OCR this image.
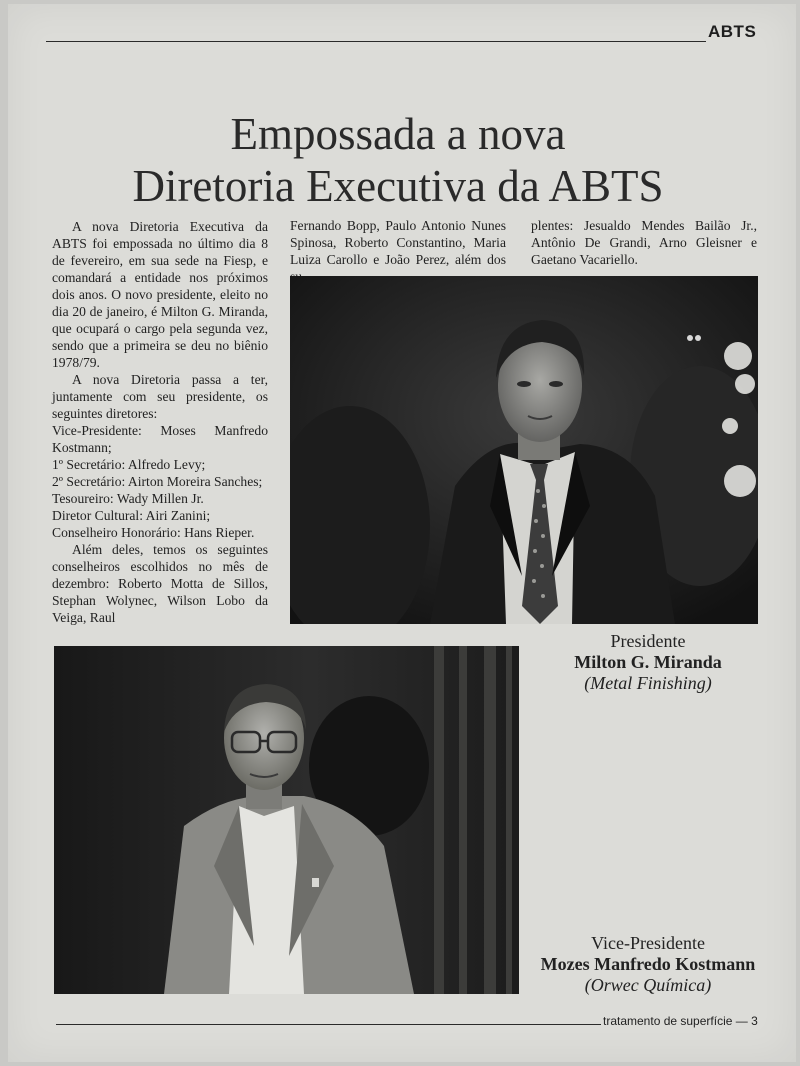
ABTS
Empossada a nova
Diretoria Executiva da ABTS

A nova Diretoria Executiva da ABTS foi empossada no último dia 8 de fevereiro, em sua sede na Fiesp, e comandará a entidade nos próximos dois anos. O novo presidente, eleito no dia 20 de janeiro, é Milton G. Miranda, que ocupará o cargo pela segunda vez, sendo que a primeira se deu no biênio 1978/79.

A nova Diretoria passa a ter, juntamente com seu presidente, os seguintes diretores:

Vice-Presidente: Moses Manfredo Kostmann;

1º Secretário: Alfredo Levy;

2º Secretário: Airton Moreira Sanches;

Tesoureiro: Wady Millen Jr.

Diretor Cultural: Airi Zanini;

Conselheiro Honorário: Hans Rieper.

Além deles, temos os seguintes conselheiros escolhidos no mês de dezembro: Roberto Motta de Sillos, Stephan Wolynec, Wilson Lobo da Veiga, Raul

Fernando Bopp, Paulo Antonio Nunes Spinosa, Roberto Constantino, Maria Luiza Carollo e João Perez, além dos

plentes: Jesualdo Mendes Bailão Jr., Antônio De Grandi, Arno Gleisner e Gaetano Vacariello.

Presidente
Milton G. Miranda
(Metal Finishing)
Vice-Presidente
Mozes Manfredo Kostmann
(Orwec Química)
tratamento de superfície — 3
